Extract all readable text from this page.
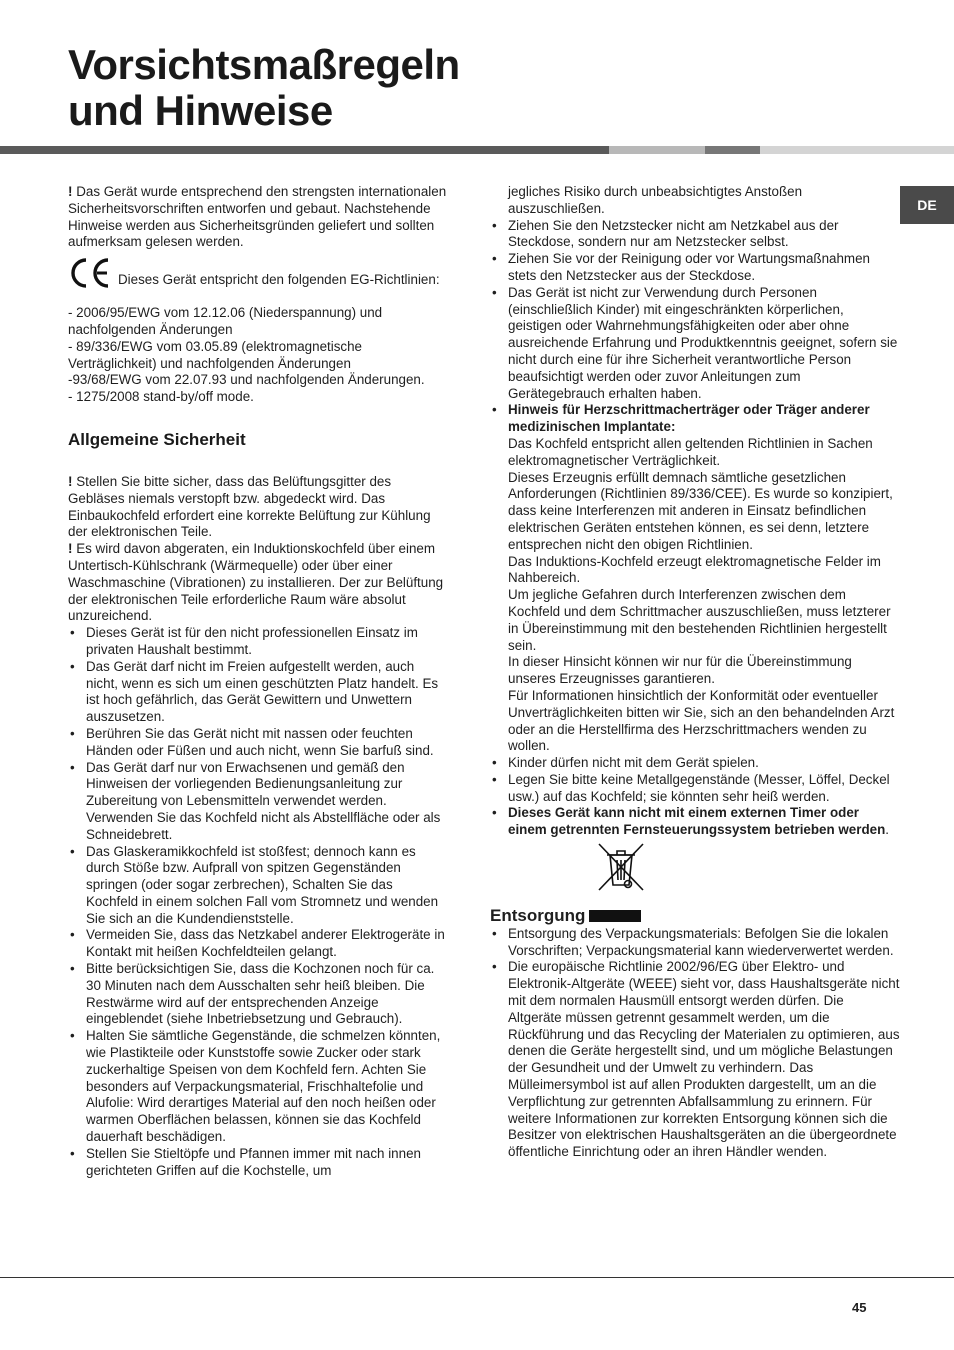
Vorsichtsmaßregeln
und Hinweise
DE

! Das Gerät wurde entsprechend den strengsten internationalen Sicherheitsvorschriften entworfen und gebaut. Nachstehende Hinweise werden aus Sicherheitsgründen geliefert und sollten aufmerksam gelesen werden.

Dieses Gerät entspricht den folgenden EG-Richtlinien:

- 2006/95/EWG vom 12.12.06 (Niederspannung) und nachfolgenden Änderungen

- 89/336/EWG vom 03.05.89 (elektromagnetische Verträglichkeit) und nachfolgenden Änderungen

-93/68/EWG vom 22.07.93 und nachfolgenden Änderungen.

- 1275/2008 stand-by/off mode.

Allgemeine Sicherheit

! Stellen Sie bitte sicher, dass das Belüftungsgitter des Gebläses niemals verstopft bzw. abgedeckt wird. Das Einbaukochfeld erfordert eine korrekte Belüftung zur Kühlung der elektronischen Teile.

! Es wird davon abgeraten, ein Induktionskochfeld über einem Untertisch-Kühlschrank (Wärmequelle) oder über einer Waschmaschine (Vibrationen) zu installieren. Der zur Belüftung der elektronischen Teile erforderliche Raum wäre absolut unzureichend.

• Dieses Gerät ist für den nicht professionellen Einsatz im privaten Haushalt bestimmt.
• Das Gerät darf nicht im Freien aufgestellt werden, auch nicht, wenn es sich um einen geschützten Platz handelt. Es ist hoch gefährlich, das Gerät Gewittern und Unwettern auszusetzen.
• Berühren Sie das Gerät nicht mit nassen oder feuchten Händen oder Füßen und auch nicht, wenn Sie barfuß sind.
• Das Gerät darf nur von Erwachsenen und gemäß den Hinweisen der vorliegenden Bedienungsanleitung zur Zubereitung von Lebensmitteln verwendet werden. Verwenden Sie das Kochfeld nicht als Abstellfläche oder als Schneidebrett.
• Das Glaskeramikkochfeld ist stoßfest; dennoch kann es durch Stöße bzw. Aufprall von spitzen Gegenständen springen (oder sogar zerbrechen), Schalten Sie das Kochfeld in einem solchen Fall vom Stromnetz und wenden Sie sich an die Kundendienststelle.
• Vermeiden Sie, dass das Netzkabel anderer Elektrogeräte in Kontakt mit heißen Kochfeldteilen gelangt.
• Bitte berücksichtigen Sie, dass die Kochzonen noch für ca. 30 Minuten nach dem Ausschalten sehr heiß bleiben. Die Restwärme wird auf der entsprechenden Anzeige eingeblendet (siehe Inbetriebsetzung und Gebrauch).
• Halten Sie sämtliche Gegenstände, die schmelzen könnten, wie Plastikteile oder Kunststoffe sowie Zucker oder stark zuckerhaltige Speisen von dem Kochfeld fern. Achten Sie besonders auf Verpackungsmaterial, Frischhaltefolie und Alufolie: Wird derartiges Material auf den noch heißen oder warmen Oberflächen belassen, können sie das Kochfeld dauerhaft beschädigen.
• Stellen Sie Stieltöpfe und Pfannen immer mit nach innen gerichteten Griffen auf die Kochstelle, um

jegliches Risiko durch unbeabsichtigtes Anstoßen auszuschließen.

• Ziehen Sie den Netzstecker nicht am Netzkabel aus der Steckdose, sondern nur am Netzstecker selbst.
• Ziehen Sie vor der Reinigung oder vor Wartungsmaßnahmen stets den Netzstecker aus der Steckdose.
• Das Gerät ist nicht zur Verwendung durch Personen (einschließlich Kinder) mit eingeschränkten körperlichen, geistigen oder Wahrnehmungsfähigkeiten oder aber ohne ausreichende Erfahrung und Produktkenntnis geeignet, sofern sie nicht durch eine für ihre Sicherheit verantwortliche Person beaufsichtigt werden oder zuvor Anleitungen zum Gerätegebrauch erhalten haben.
• Hinweis für Herzschrittmacherträger oder Träger anderer medizinischen Implantate:

Das Kochfeld entspricht allen geltenden Richtlinien in Sachen elektromagnetischer Verträglichkeit.

Dieses Erzeugnis erfüllt demnach sämtliche gesetzlichen Anforderungen (Richtlinien 89/336/CEE). Es wurde so konzipiert, dass keine Interferenzen mit anderen in Einsatz befindlichen elektrischen Geräten entstehen können, es sei denn, letztere entsprechen nicht den obigen Richtlinien.

Das Induktions-Kochfeld erzeugt elektromagnetische Felder im Nahbereich.

Um jegliche Gefahren durch Interferenzen zwischen dem Kochfeld und dem Schrittmacher auszuschließen, muss letzterer in Übereinstimmung mit den bestehenden Richtlinien hergestellt sein.

In dieser Hinsicht können wir nur für die Übereinstimmung unseres Erzeugnisses garantieren.

Für Informationen hinsichtlich der Konformität oder eventueller Unverträglichkeiten bitten wir Sie, sich an den behandelnden Arzt oder an die Herstellfirma des Herzschrittmachers wenden zu wollen.

• Kinder dürfen nicht mit dem Gerät spielen.
• Legen Sie bitte keine Metallgegenstände (Messer, Löffel, Deckel usw.) auf das Kochfeld; sie könnten sehr heiß werden.
• Dieses Gerät kann nicht mit einem externen Timer oder einem getrennten Fernsteuerungssystem betrieben werden.
Entsorgung
• Entsorgung des Verpackungsmaterials: Befolgen Sie die lokalen Vorschriften; Verpackungsmaterial kann wiederverwertet werden.
• Die europäische Richtlinie 2002/96/EG über Elektro- und Elektronik-Altgeräte (WEEE) sieht vor, dass Haushaltsgeräte nicht mit dem normalen Hausmüll entsorgt werden dürfen. Die Altgeräte müssen getrennt gesammelt werden, um die Rückführung und das Recycling der Materialen zu optimieren, aus denen die Geräte hergestellt sind, und um mögliche Belastungen der Gesundheit und der Umwelt zu verhindern. Das Mülleimersymbol ist auf allen Produkten dargestellt, um an die Verpflichtung zur getrennten Abfallsammlung zu erinnern. Für weitere Informationen zur korrekten Entsorgung können sich die Besitzer von elektrischen Haushaltsgeräten an die übergeordnete öffentliche Einrichtung oder an ihren Händler wenden.
45
